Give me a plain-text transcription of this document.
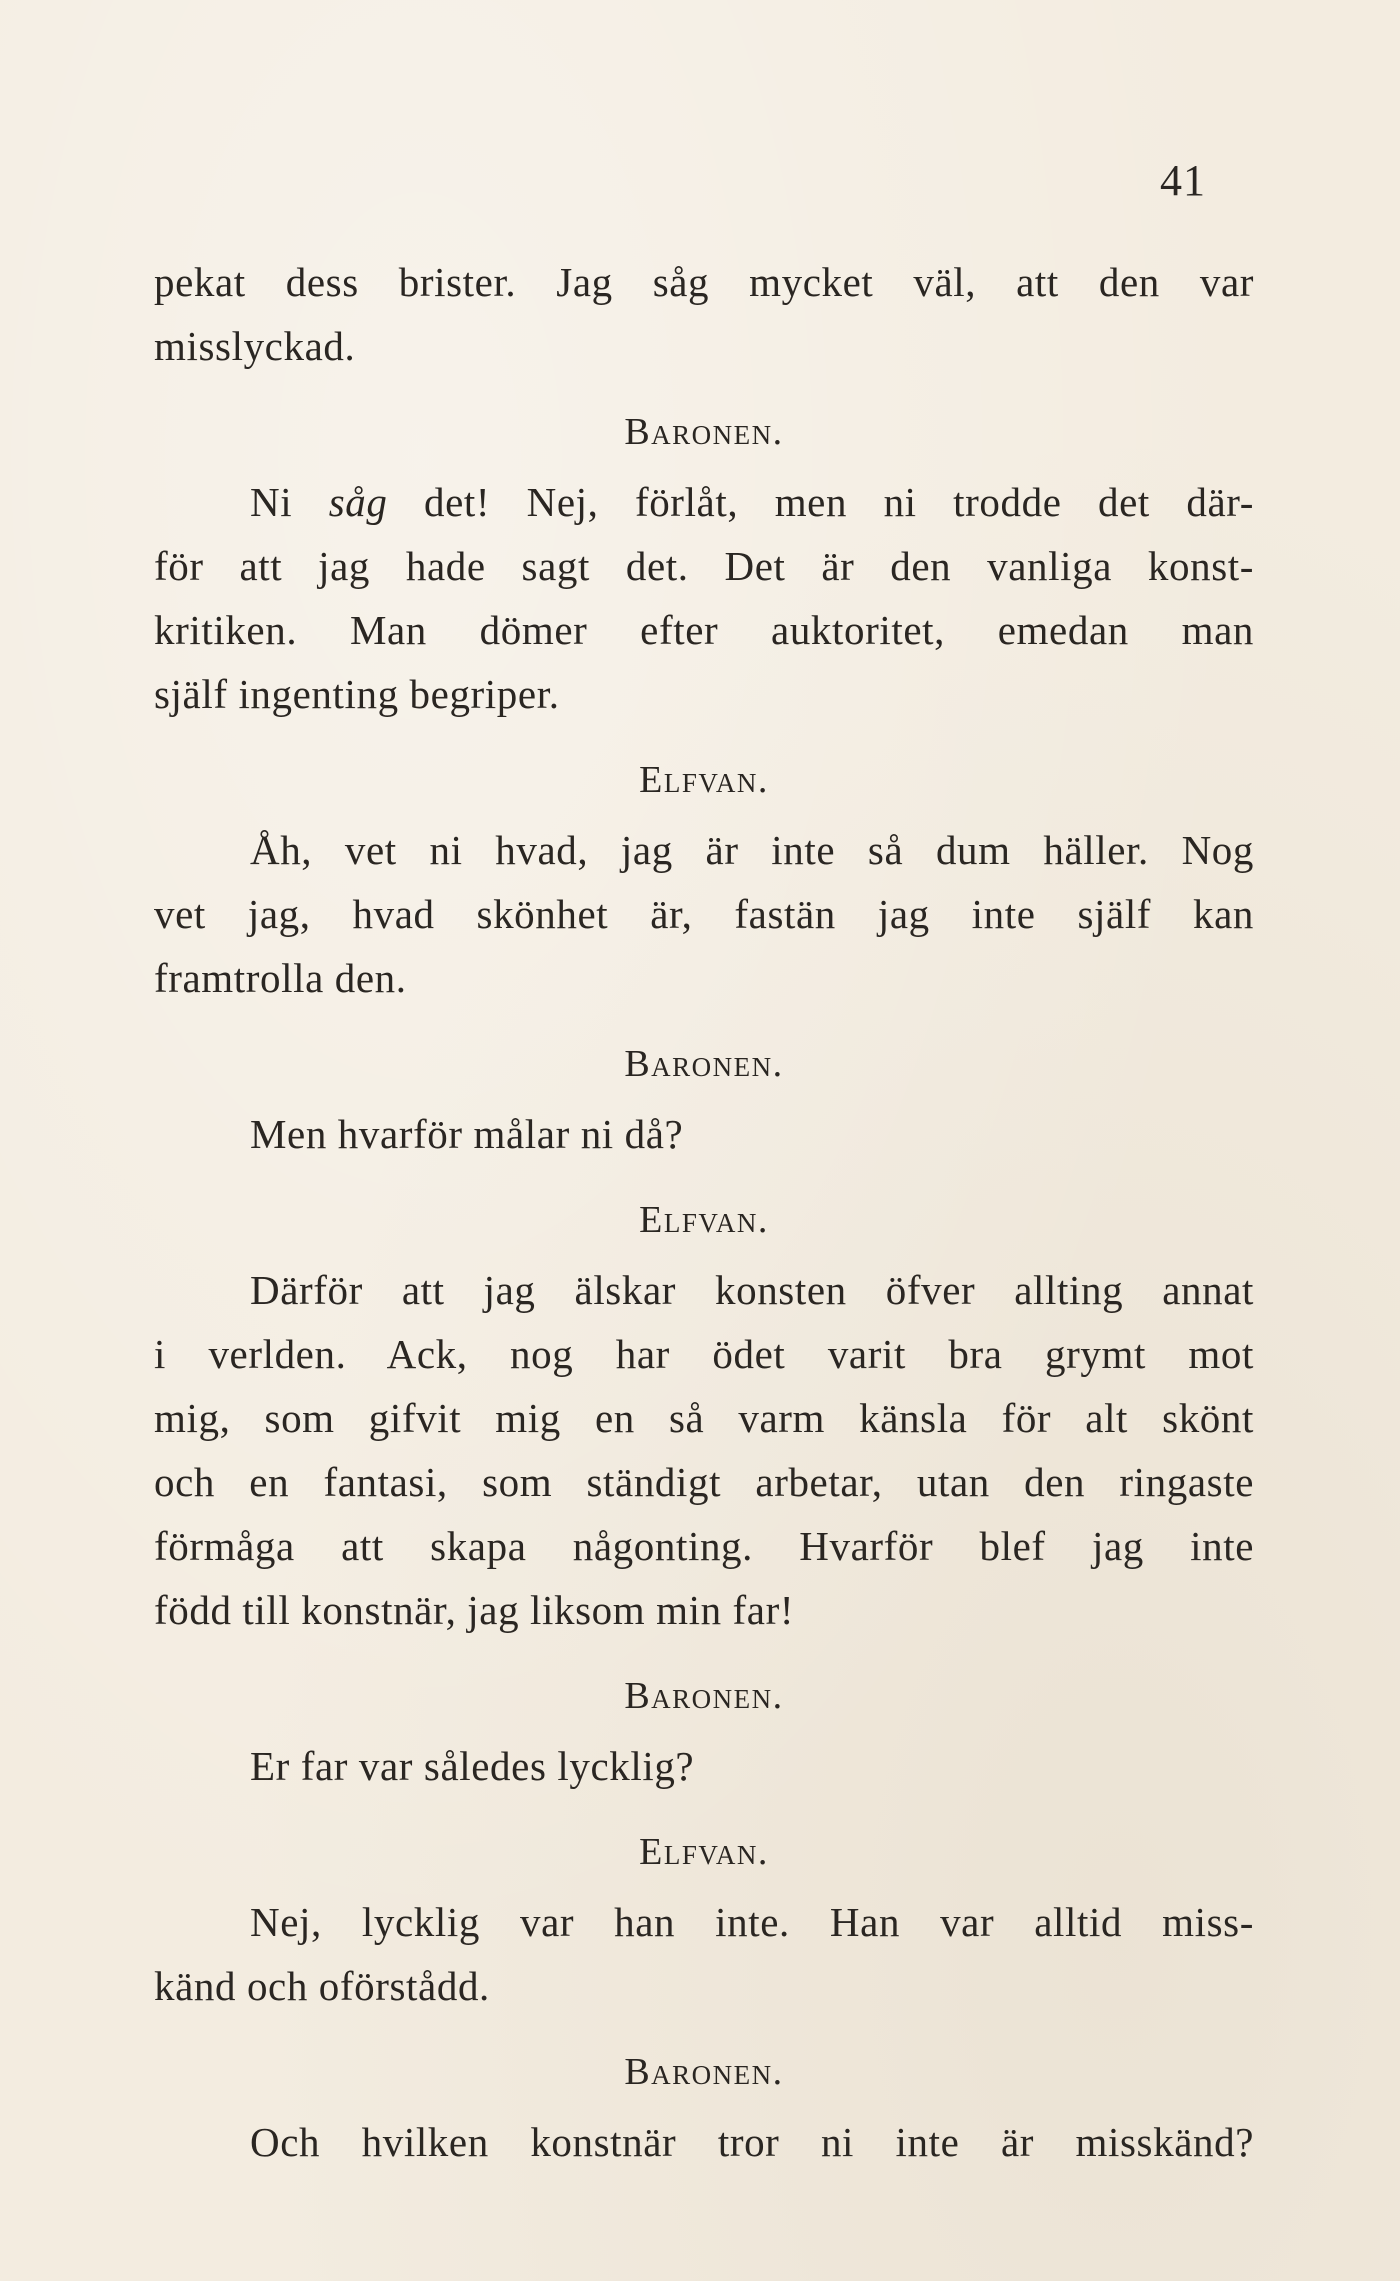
41
pekat dess brister. Jag såg mycket väl, att den var
misslyckad.
Baronen.
Ni såg det! Nej, förlåt, men ni trodde det där-
för att jag hade sagt det. Det är den vanliga konst-
kritiken. Man dömer efter auktoritet, emedan man
själf ingenting begriper.
Elfvan.
Åh, vet ni hvad, jag är inte så dum häller. Nog
vet jag, hvad skönhet är, fastän jag inte själf kan
framtrolla den.
Baronen.
Men hvarför målar ni då?
Elfvan.
Därför att jag älskar konsten öfver allting annat
i verlden. Ack, nog har ödet varit bra grymt mot
mig, som gifvit mig en så varm känsla för alt skönt
och en fantasi, som ständigt arbetar, utan den ringaste
förmåga att skapa någonting. Hvarför blef jag inte
född till konstnär, jag liksom min far!
Baronen.
Er far var således lycklig?
Elfvan.
Nej, lycklig var han inte. Han var alltid miss-
känd och oförstådd.
Baronen.
Och hvilken konstnär tror ni inte är misskänd?
